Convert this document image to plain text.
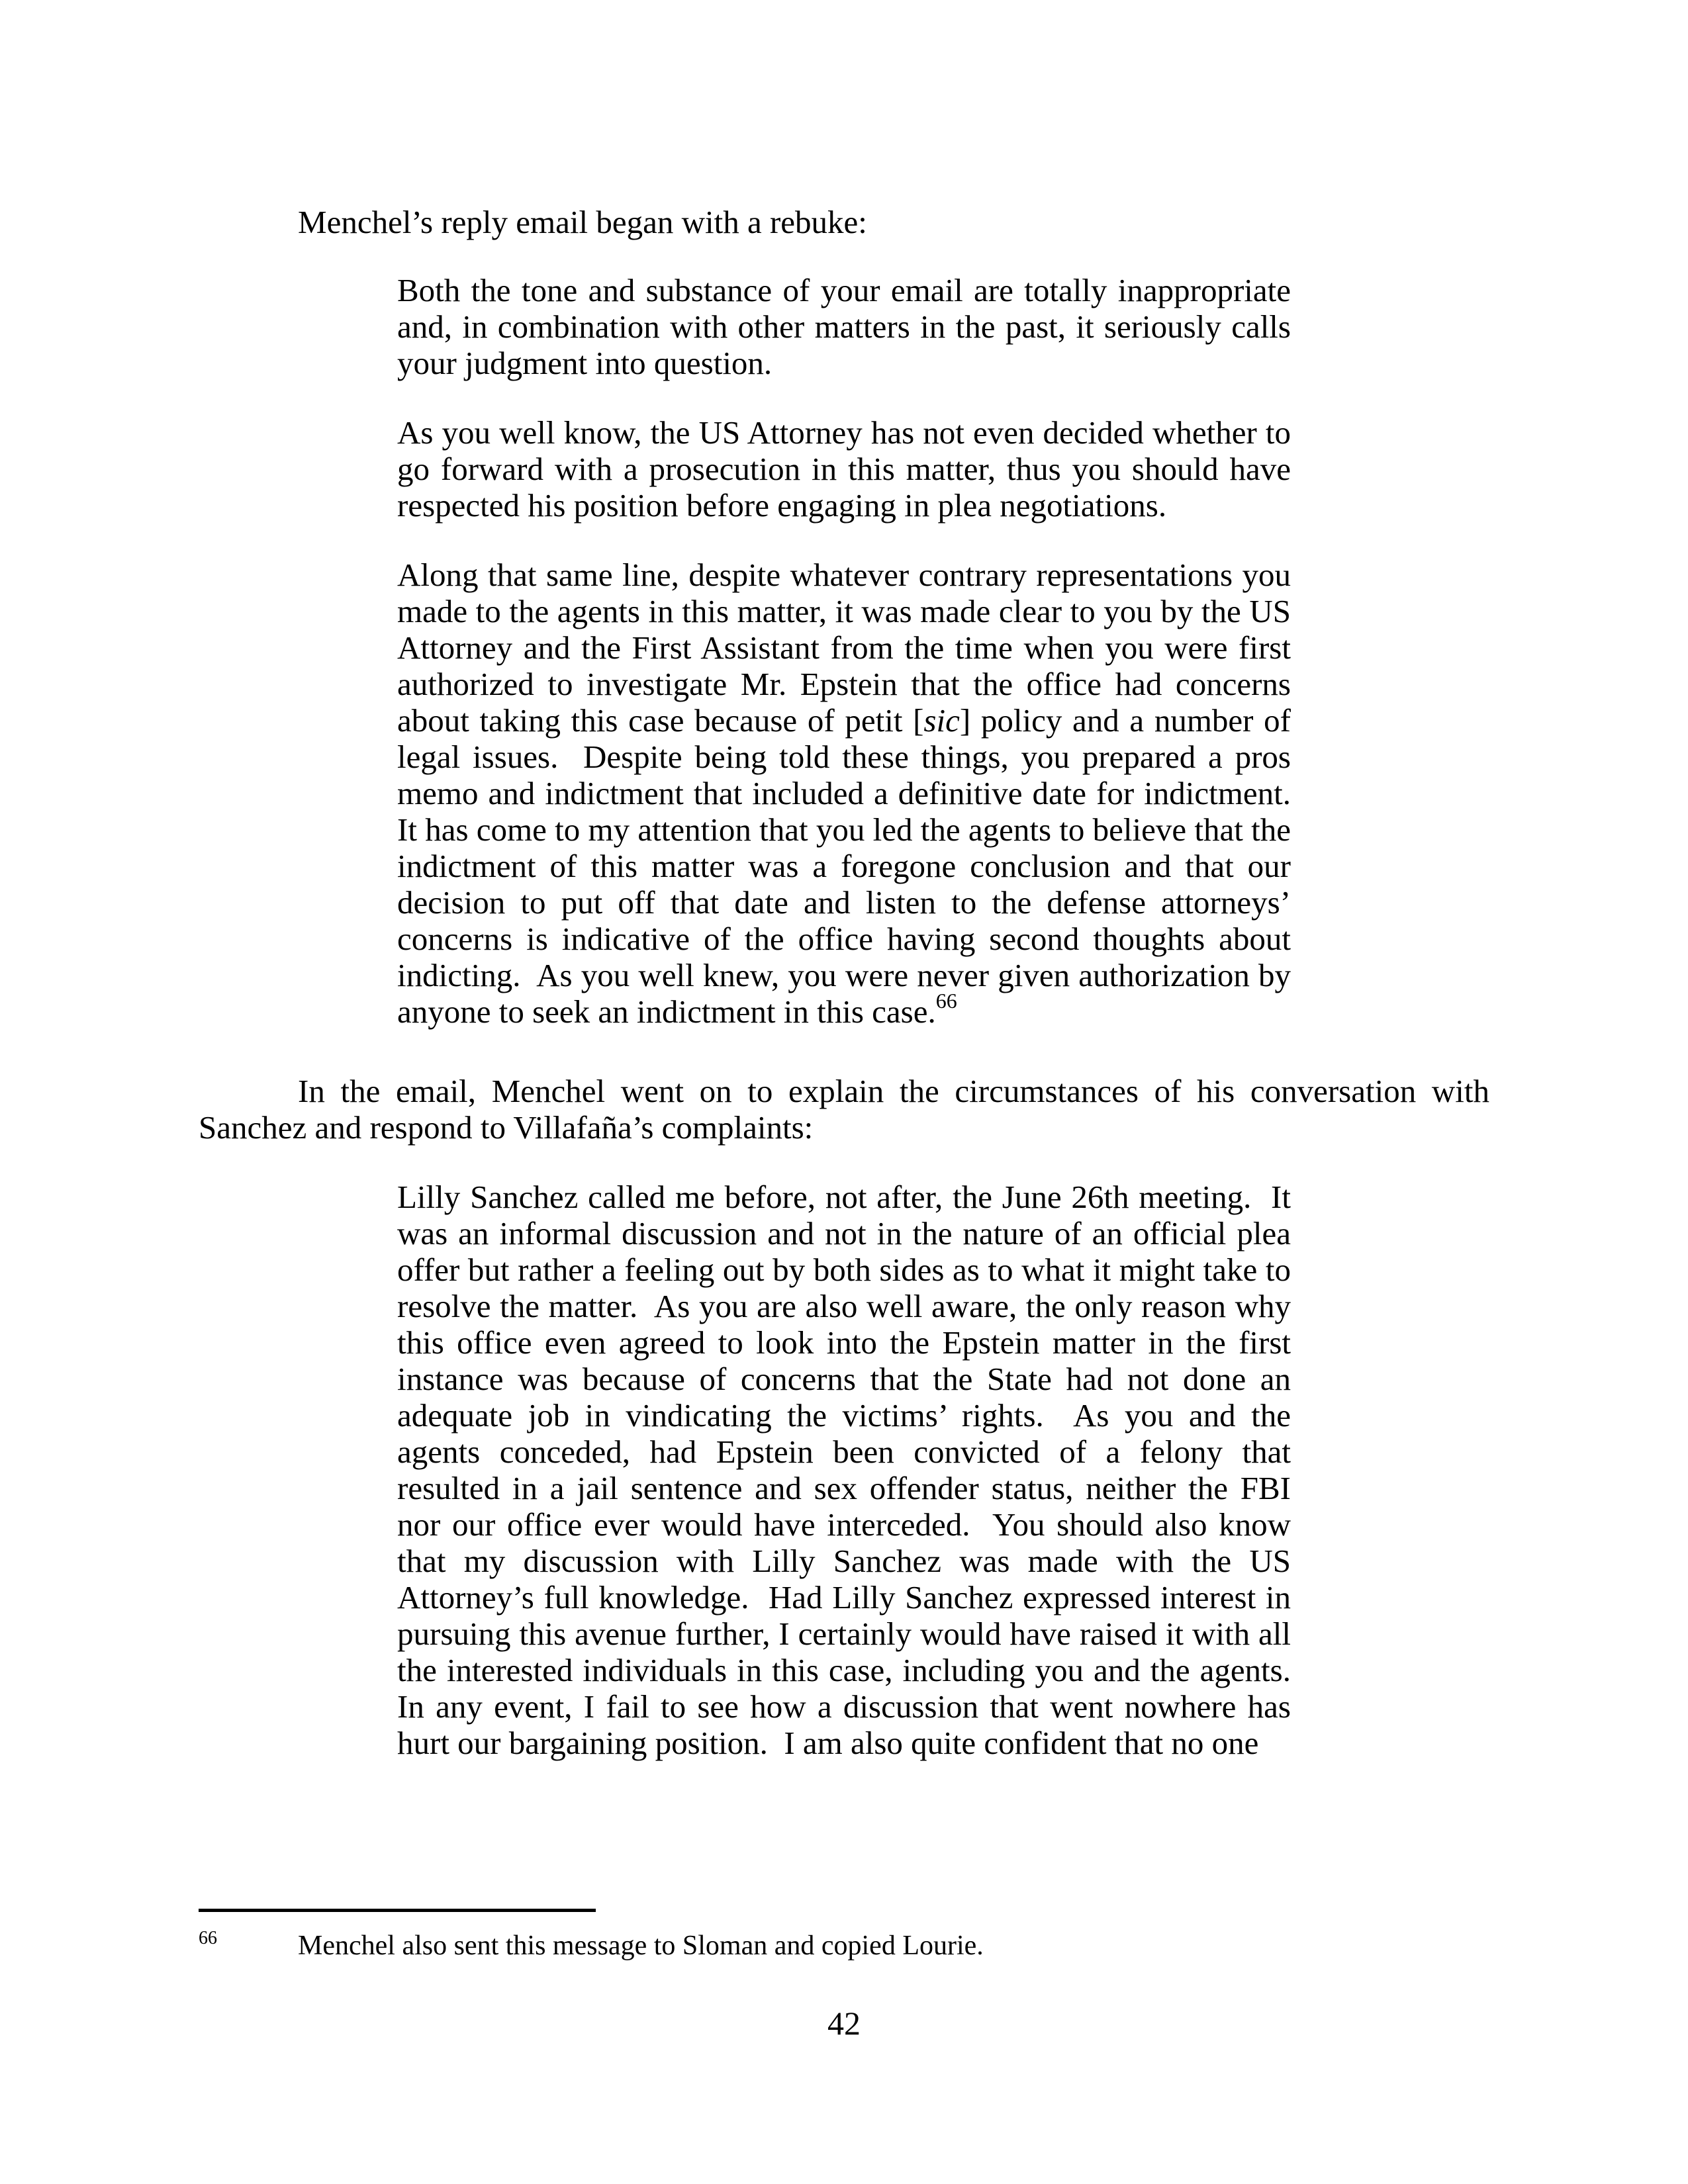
Menchel’s reply email began with a rebuke:

Both the tone and substance of your email are totally inappropriate and, in combination with other matters in the past, it seriously calls your judgment into question.
As you well know, the US Attorney has not even decided whether to go forward with a prosecution in this matter, thus you should have respected his position before engaging in plea negotiations.
Along that same line, despite whatever contrary representations you made to the agents in this matter, it was made clear to you by the US Attorney and the First Assistant from the time when you were first authorized to investigate Mr. Epstein that the office had concerns about taking this case because of petit [sic] policy and a number of legal issues.  Despite being told these things, you prepared a pros memo and indictment that included a definitive date for indictment.  It has come to my attention that you led the agents to believe that the indictment of this matter was a foregone conclusion and that our decision to put off that date and listen to the defense attorneys’ concerns is indicative of the office having second thoughts about indicting.  As you well knew, you were never given authorization by anyone to seek an indictment in this case.$^{66}$

In the email, Menchel went on to explain the circumstances of his conversation with Sanchez and respond to Villafaña’s complaints:

Lilly Sanchez called me before, not after, the June 26th meeting.  It was an informal discussion and not in the nature of an official plea offer but rather a feeling out by both sides as to what it might take to resolve the matter.  As you are also well aware, the only reason why this office even agreed to look into the Epstein matter in the first instance was because of concerns that the State had not done an adequate job in vindicating the victims’ rights.  As you and the agents conceded, had Epstein been convicted of a felony that resulted in a jail sentence and sex offender status, neither the FBI nor our office ever would have interceded.  You should also know that my discussion with Lilly Sanchez was made with the US Attorney’s full knowledge.  Had Lilly Sanchez expressed interest in pursuing this avenue further, I certainly would have raised it with all the interested individuals in this case, including you and the agents.  In any event, I fail to see how a discussion that went nowhere has hurt our bargaining position.  I am also quite confident that no one
$^{66}$	Menchel also sent this message to Sloman and copied Lourie.
42
